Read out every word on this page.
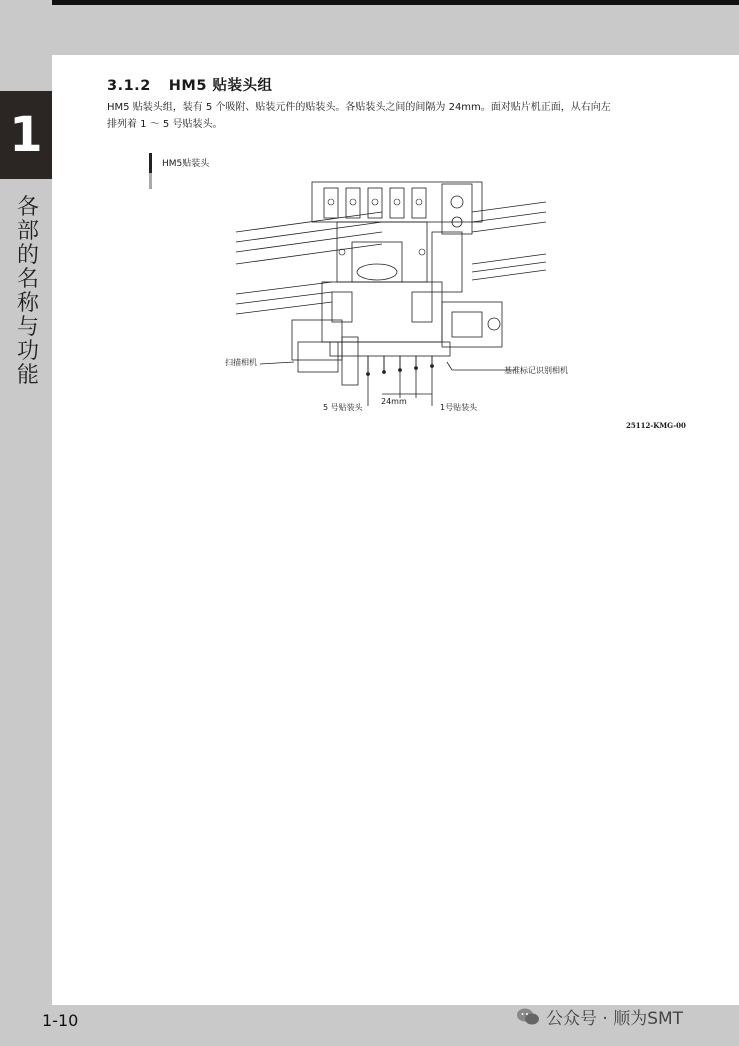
1
各
部
的
名
称
与
功
能
3.1.2 HM5 贴装头组
HM5 贴装头组，装有 5 个吸附、贴装元件的贴装头。各贴装头之间的间隔为 24mm。面对贴片机正面，从右向左
排列着 1 ～ 5 号贴装头。
HM5贴装头
扫描相机
基准标记识别相机
5 号贴装头
24mm
1号贴装头
25112-KMG-00
1-10	公众号 · 顺为SMT
